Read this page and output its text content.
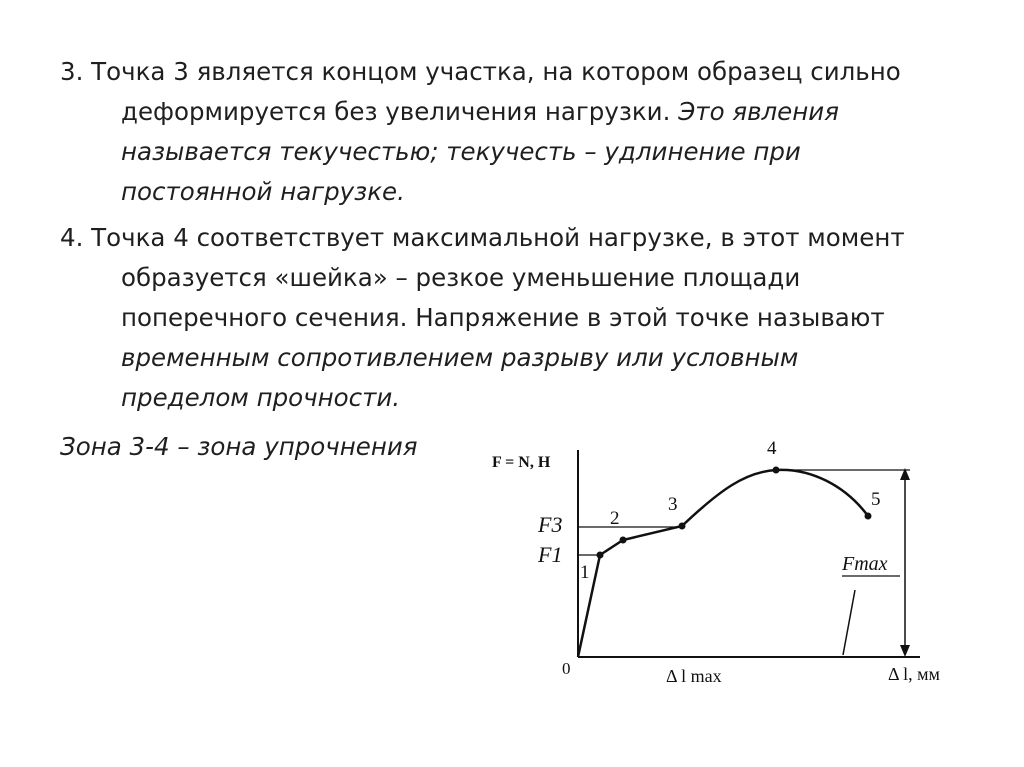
3. Точка 3 является концом участка, на котором образец сильно деформируется без увеличения нагрузки. Это явления называется текучестью; текучесть – удлинение при постоянной нагрузке.
4. Точка 4 соответствует максимальной нагрузке, в этот момент образуется «шейка» – резкое уменьшение площади поперечного сечения. Напряжение в этой точке называют временным сопротивлением разрыву или условным пределом прочности.
Зона 3-4 – зона упрочнения
F = N, Н
F3
F1
0
1
2
3
4
5
Fmax
Δ l max	Δ l, мм
